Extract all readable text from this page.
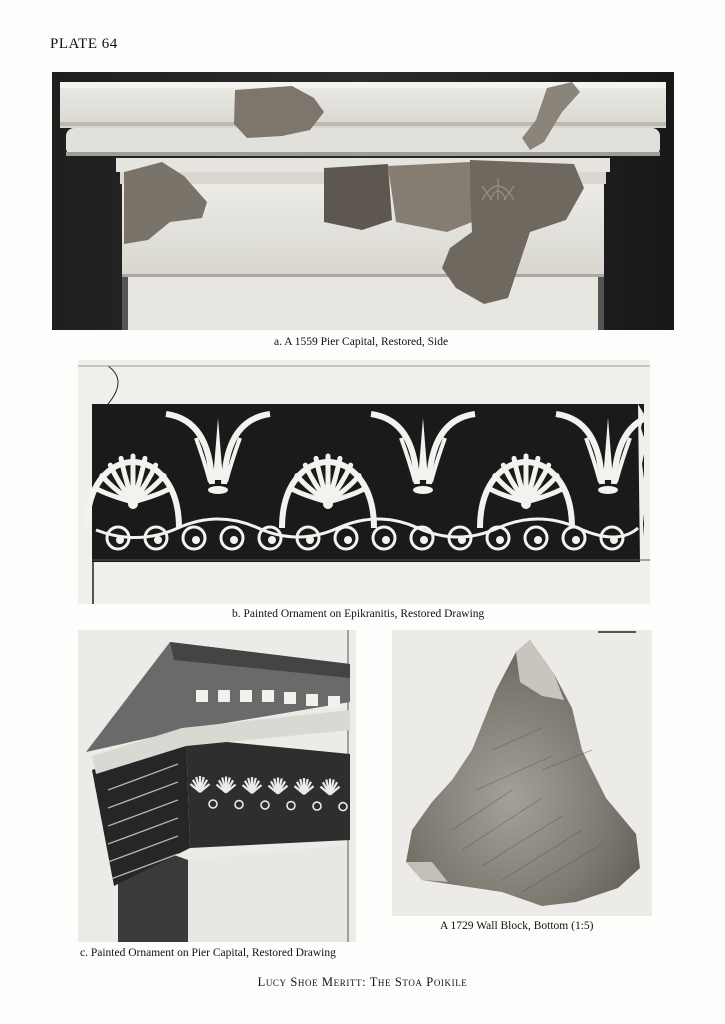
PLATE 64
a. A 1559 Pier Capital, Restored, Side
b. Painted Ornament on Epikranitis, Restored Drawing
c. Painted Ornament on Pier Capital, Restored Drawing
A 1729 Wall Block, Bottom (1:5)
Lucy Shoe Meritt: The Stoa Poikile
